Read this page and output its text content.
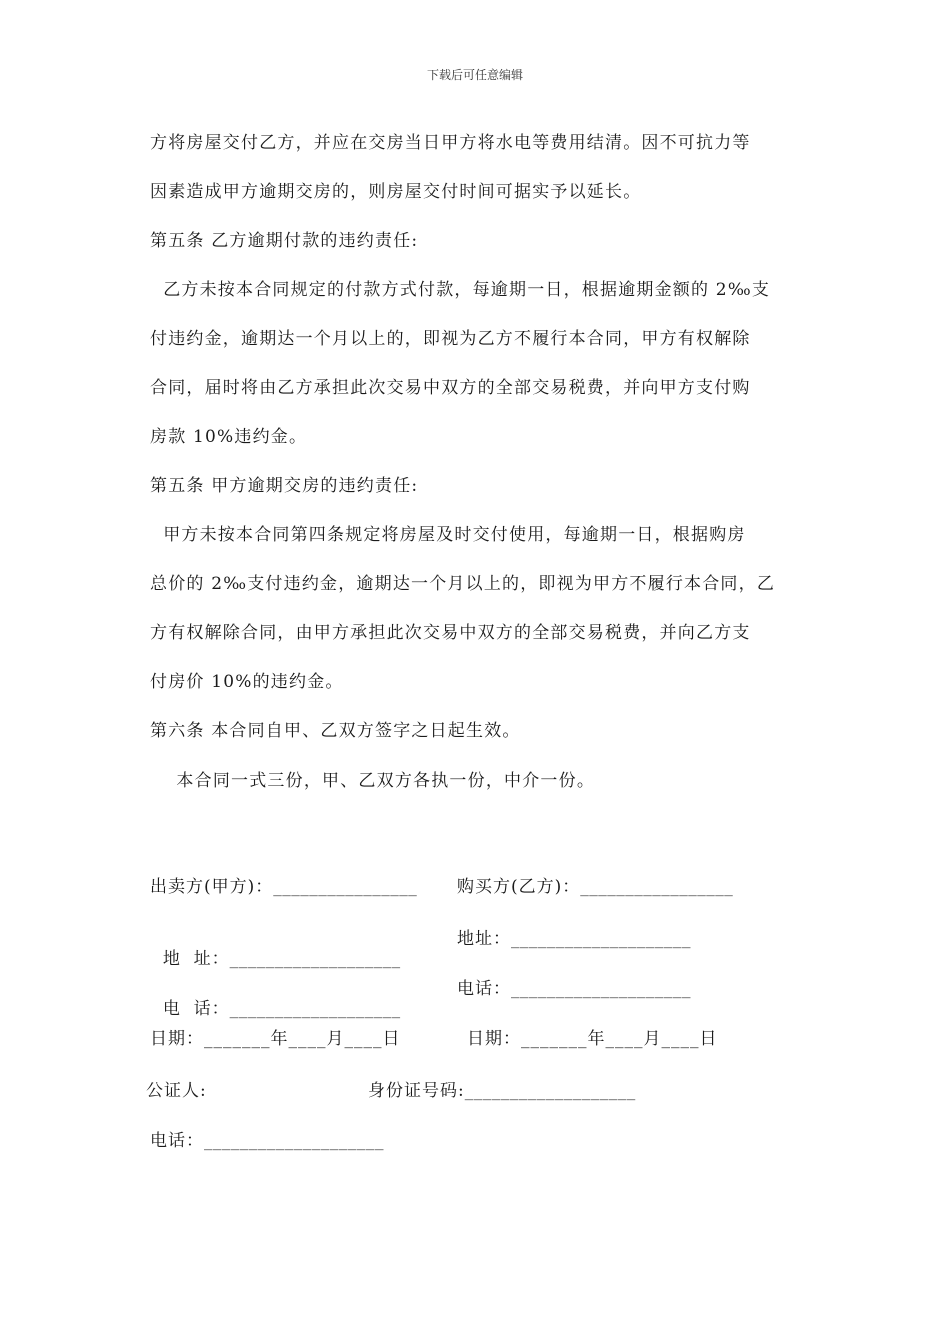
下载后可任意编辑
方将房屋交付乙方，并应在交房当日甲方将水电等费用结清。因不可抗力等
因素造成甲方逾期交房的，则房屋交付时间可据实予以延长。
第五条 乙方逾期付款的违约责任:
乙方未按本合同规定的付款方式付款，每逾期一日，根据逾期金额的 2‰支
付违约金，逾期达一个月以上的，即视为乙方不履行本合同，甲方有权解除
合同，届时将由乙方承担此次交易中双方的全部交易税费，并向甲方支付购
房款 10%违约金。
第五条 甲方逾期交房的违约责任:
甲方未按本合同第四条规定将房屋及时交付使用，每逾期一日，根据购房
总价的 2‰支付违约金，逾期达一个月以上的，即视为甲方不履行本合同，乙
方有权解除合同，由甲方承担此次交易中双方的全部交易税费，并向乙方支
付房价 10%的违约金。
第六条 本合同自甲、乙双方签字之日起生效。
本合同一式三份，甲、乙双方各执一份，中介一份。
出卖方(甲方)：________________ 购买方(乙方)：_________________

地  址：___________________

地址：____________________

电  话：___________________

电话：____________________
日期：_______年____月____日	日期：_______年____月____日
公证人:	身份证号码:___________________
电话：____________________
